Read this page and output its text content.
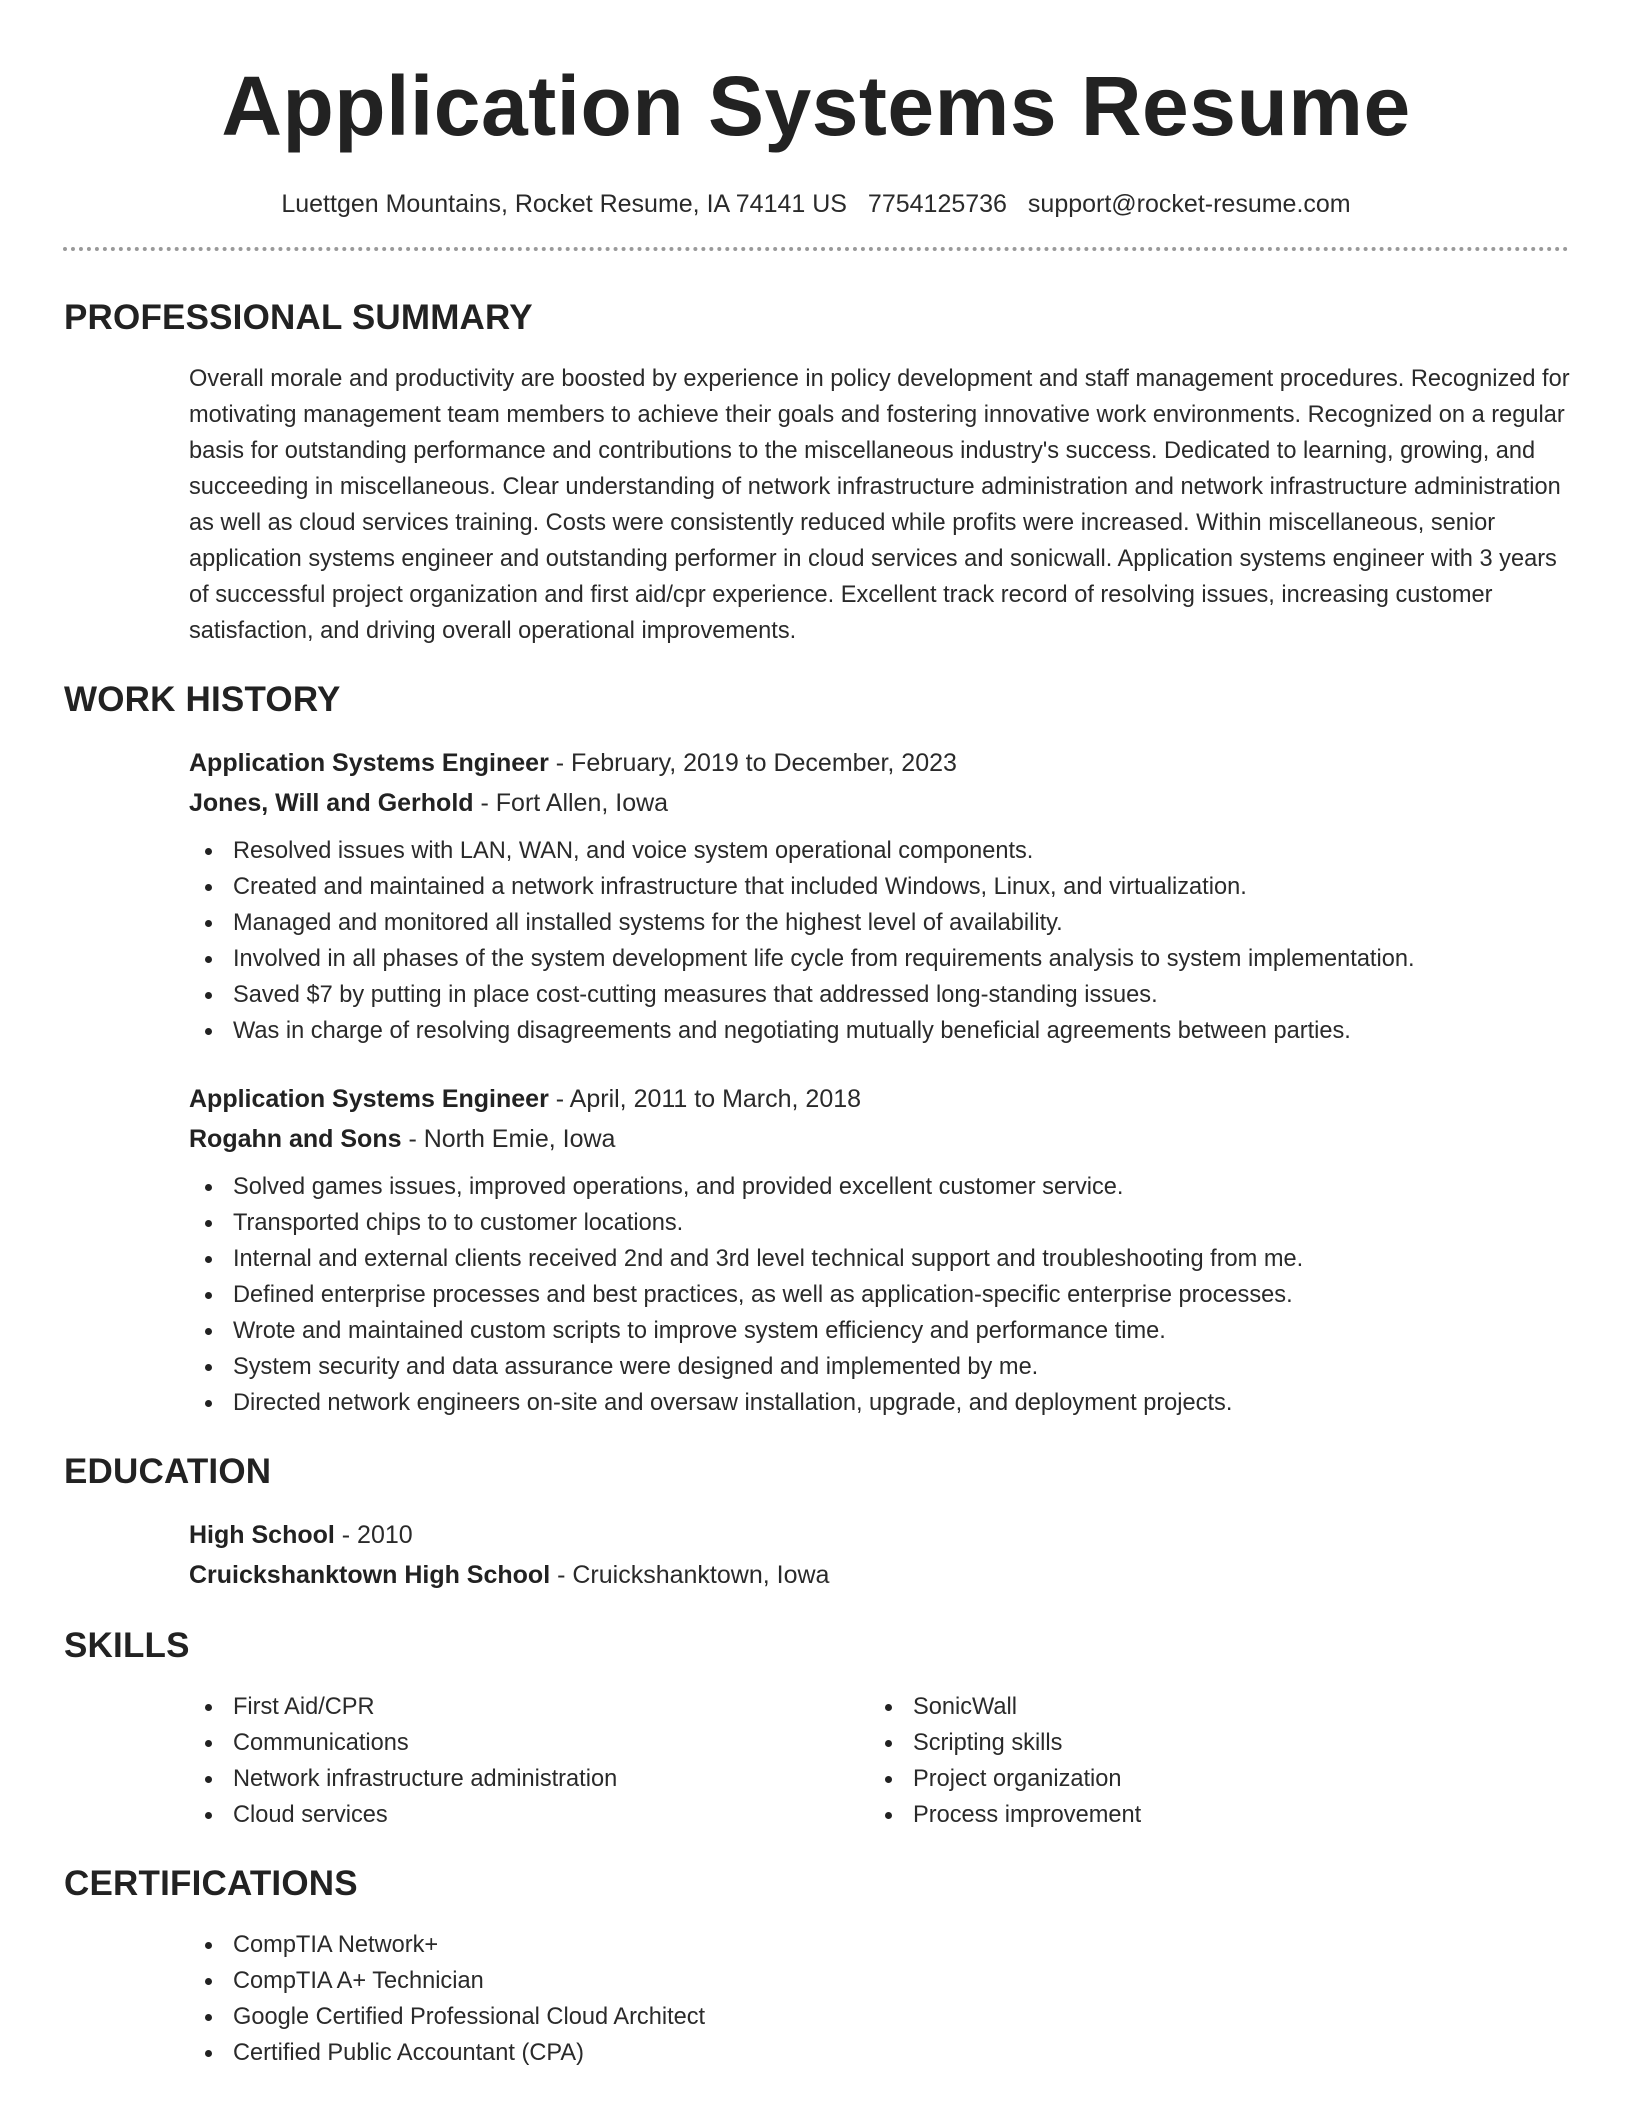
Application Systems Resume
Luettgen Mountains, Rocket Resume, IA 74141 US 7754125736 support@rocket-resume.com
PROFESSIONAL SUMMARY

Overall morale and productivity are boosted by experience in policy development and staff management procedures. Recognized for motivating management team members to achieve their goals and fostering innovative work environments. Recognized on a regular basis for outstanding performance and contributions to the miscellaneous industry's success. Dedicated to learning, growing, and succeeding in miscellaneous. Clear understanding of network infrastructure administration and network infrastructure administration as well as cloud services training. Costs were consistently reduced while profits were increased. Within miscellaneous, senior application systems engineer and outstanding performer in cloud services and sonicwall. Application systems engineer with 3 years of successful project organization and first aid/cpr experience. Excellent track record of resolving issues, increasing customer satisfaction, and driving overall operational improvements.

WORK HISTORY
Application Systems Engineer - February, 2019 to December, 2023
Jones, Will and Gerhold - Fort Allen, Iowa
Resolved issues with LAN, WAN, and voice system operational components.
Created and maintained a network infrastructure that included Windows, Linux, and virtualization.
Managed and monitored all installed systems for the highest level of availability.
Involved in all phases of the system development life cycle from requirements analysis to system implementation.
Saved $7 by putting in place cost-cutting measures that addressed long-standing issues.
Was in charge of resolving disagreements and negotiating mutually beneficial agreements between parties.
Application Systems Engineer - April, 2011 to March, 2018
Rogahn and Sons - North Emie, Iowa
Solved games issues, improved operations, and provided excellent customer service.
Transported chips to to customer locations.
Internal and external clients received 2nd and 3rd level technical support and troubleshooting from me.
Defined enterprise processes and best practices, as well as application-specific enterprise processes.
Wrote and maintained custom scripts to improve system efficiency and performance time.
System security and data assurance were designed and implemented by me.
Directed network engineers on-site and oversaw installation, upgrade, and deployment projects.
EDUCATION
High School - 2010
Cruickshanktown High School - Cruickshanktown, Iowa
SKILLS
First Aid/CPR
Communications
Network infrastructure administration
Cloud services
SonicWall
Scripting skills
Project organization
Process improvement
CERTIFICATIONS
CompTIA Network+
CompTIA A+ Technician
Google Certified Professional Cloud Architect
Certified Public Accountant (CPA)
